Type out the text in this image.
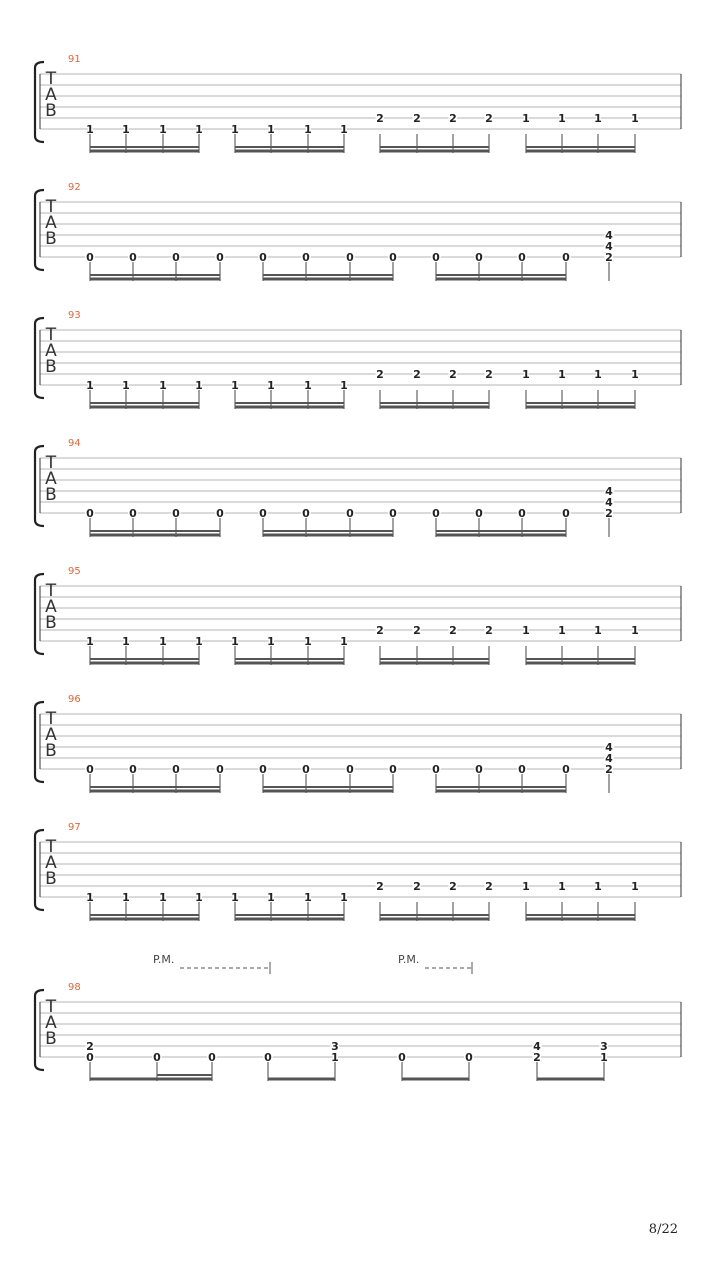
T
A
B
91
1	1	1	1	1	1	1	1
2	2	2	2	1	1	1	1
T
A
B
92
0	0	0	0	0	0	0	0	0	0	0	0
4
4
2
T
A
B
93
1	1	1	1	1	1	1	1
2	2	2	2	1	1	1	1
T
A
B
94
0	0	0	0	0	0	0	0	0	0	0	0
4
4
2
T
A
B
95
1	1	1	1	1	1	1	1
2	2	2	2	1	1	1	1
T
A
B
96
0	0	0	0	0	0	0	0	0	0	0	0
4
4
2
T
A
B
97
1	1	1	1	1	1	1	1
2	2	2	2	1	1	1	1
T
A
B
98
2
0	0	0	0
3
1	0	0
4
2
3
1
P.M.	P.M.
8/22
